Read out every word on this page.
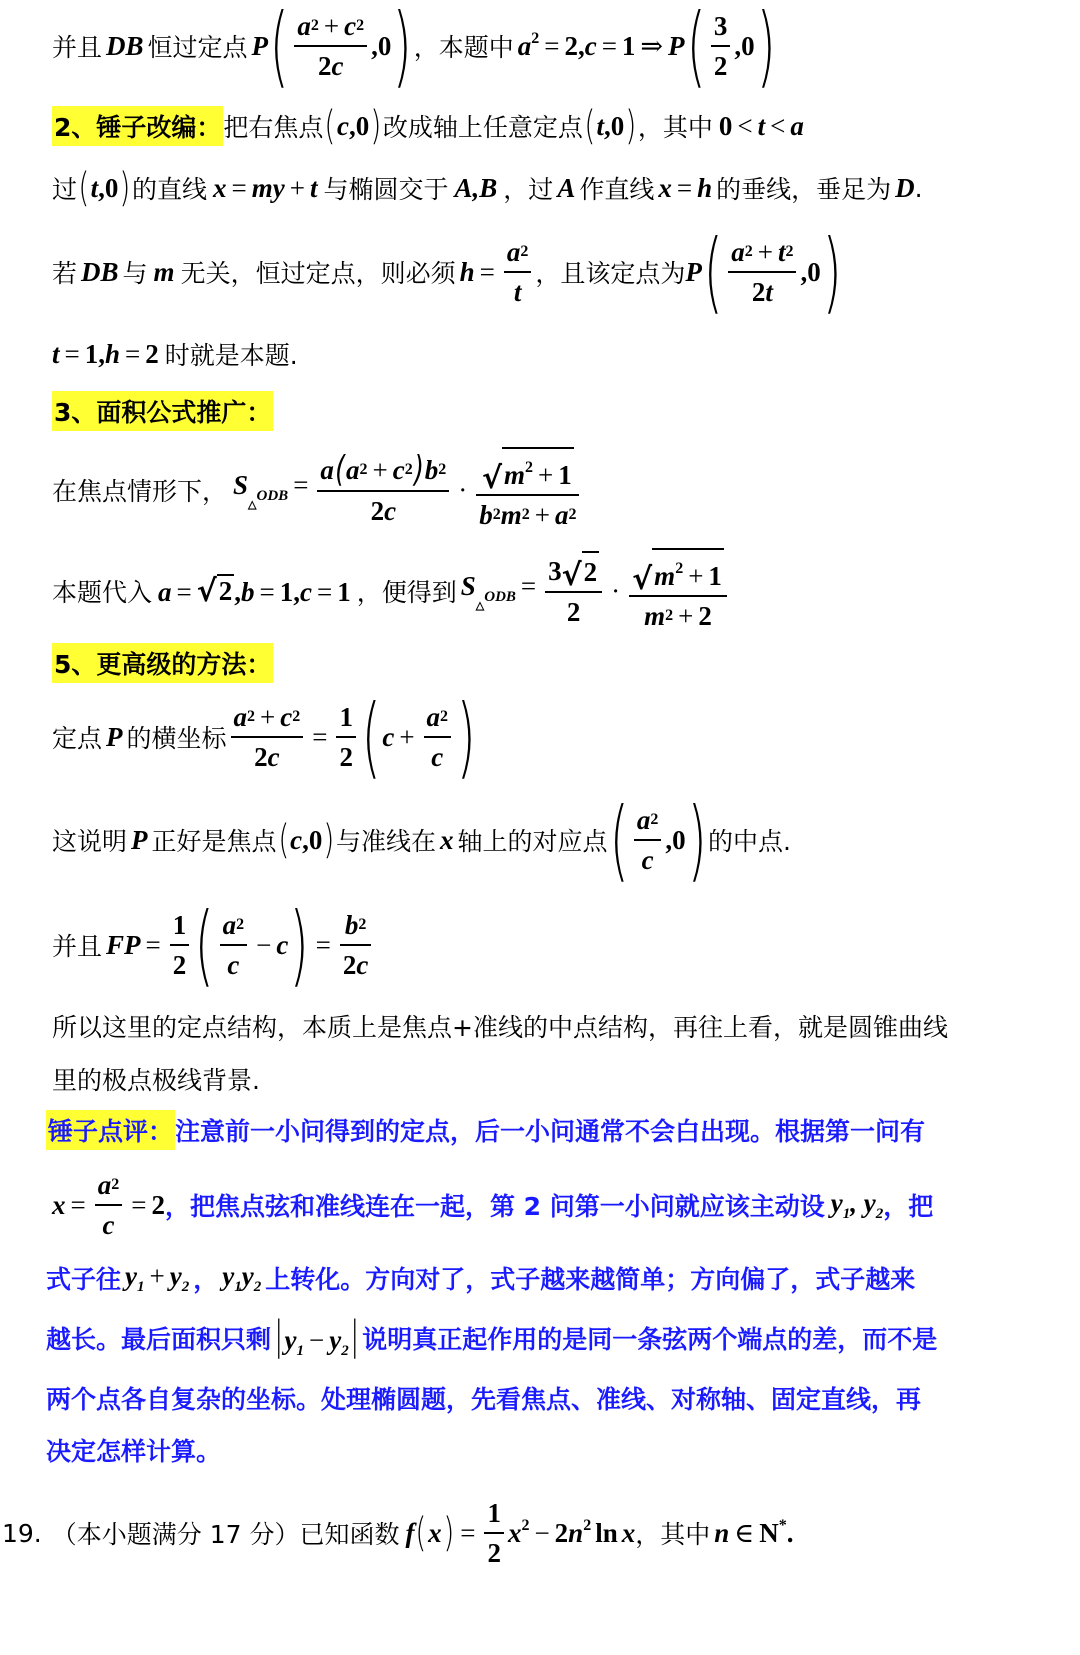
并且 DB 恒过定点 P ( $\frac{a 2 + c 2}{2 c} ,0$ ) ，本题中 $a^2 = 2,c = 1$ ⇒ P ( $\frac{3}{2} ,0$ )
2、锤子改编： 把右焦点 ( c,0 ) 改成轴上任意定点 ( t,0 ) ，其中 0 < t < a
过 ( t,0 ) 的直线 x = my + t 与椭圆交于 A,B ，过 A 作直线 x = h 的垂线，垂足为 D .
若 DB 与 m 无关，恒过定点，则必须 $h = \frac{a 2}{t}$ ，且该定点为 P ( $\frac{a 2 + t 2}{2 t} ,0$ )
t = 1,h = 2 时就是本题.
3、面积公式推广：
在焦点情形下， $S_{_\triangle ODB} = \frac{a ( a 2 + c 2 ) b 2}{2 c} \cdot \frac{√ m^2 + 1}{b 2 m 2 + a 2}$
本题代入 a = √ 2 ,b = 1,c = 1 ，便得到 $S_{_\triangle ODB} = \frac{3 √ 2}{2} \cdot \frac{√ m^2 + 1}{m 2 + 2}$
5、更高级的方法：
定点 P 的横坐标 $\frac{a 2 + c 2}{2 c} = \frac{1}{2}$ ( $c + \frac{a 2}{c}$ )
这说明 P 正好是焦点 ( c,0 ) 与准线在 x 轴上的对应点 ( $\frac{a 2}{c} ,0$ ) 的中点.
并且 FP = $\frac{1}{2}$ ( $\frac{a 2}{c} - c$ ) = $\frac{b 2}{2 c}$
所以这里的定点结构，本质上是焦点+准线的中点结构，再往上看，就是圆锥曲线
里的极点极线背景.
锤子点评： 注意前一小问得到的定点，后一小问通常不会白出现。根据第一问有
$x = \frac{a 2}{c} = 2$ ，把焦点弦和准线连在一起，第 2 问第一小问就应该主动设 $y_1$, $y_2$ ，把
式子往 $y_1 + y_2$ ， $y_1y_2$ 上转化。方向对了，式子越来越简单；方向偏了，式子越来
越长。最后面积只剩 $|y_1 - y_2|$ 说明真正起作用的是同一条弦两个端点的差，而不是
两个点各自复杂的坐标。处理椭圆题，先看焦点、准线、对称轴、固定直线，再
决定怎样计算。
19. （本小题满分 17 分）已知函数 f ( x ) = $\frac{1}{2} x^2 - 2n^2$ ln x ，其中 n ∈ N* .
